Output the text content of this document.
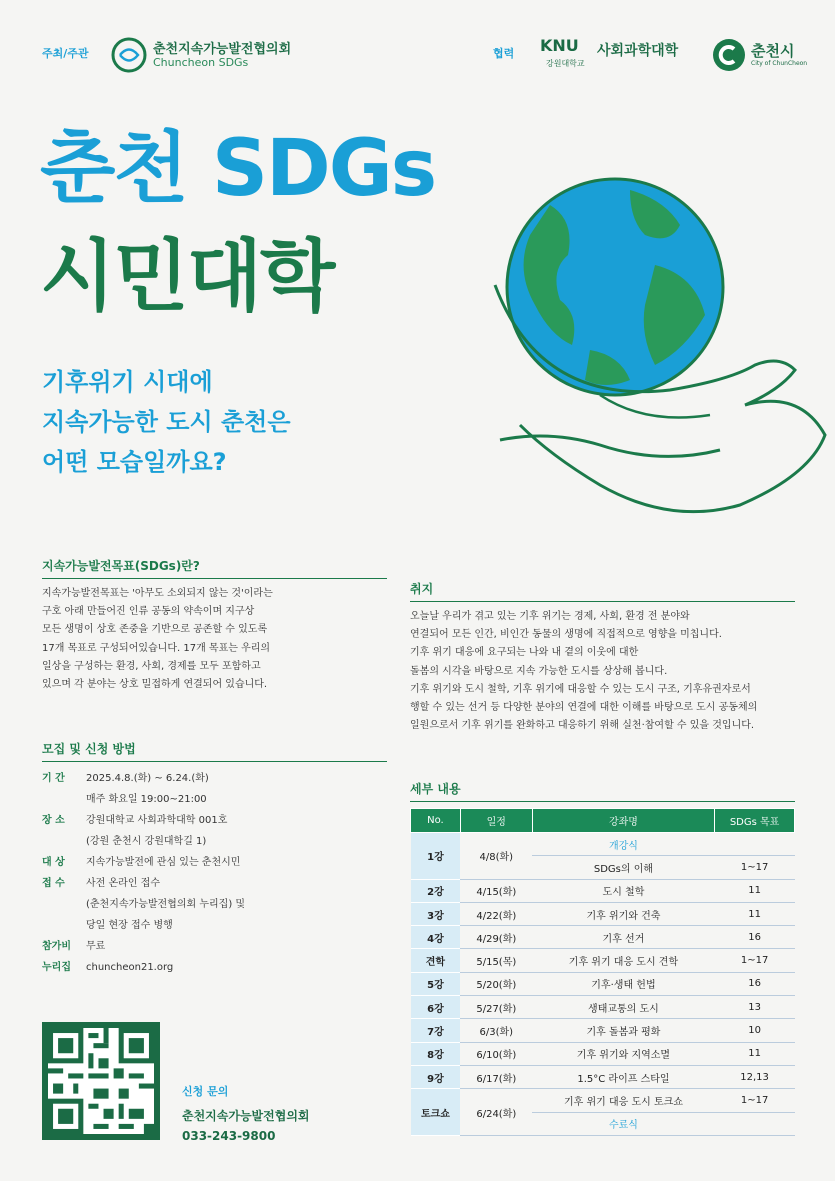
주최/주관	춘천지속가능발전협의회
Chuncheon SDGs
협력 KNU
강원대학교
사회과학대학	춘천시
City of ChunCheon
춘천 SDGs
시민대학
기후위기 시대에
지속가능한 도시 춘천은
어떤 모습일까요?
지속가능발전목표(SDGs)란?
지속가능발전목표는 '아무도 소외되지 않는 것'이라는
구호 아래 만들어진 인류 공동의 약속이며 지구상
모든 생명이 상호 존중을 기반으로 공존할 수 있도록
17개 목표로 구성되어있습니다. 17개 목표는 우리의
일상을 구성하는 환경, 사회, 경제를 모두 포함하고
있으며 각 분야는 상호 밀접하게 연결되어 있습니다.
모집 및 신청 방법
기 간	2025.4.8.(화) ~ 6.24.(화)
매주 화요일 19:00~21:00
장 소	강원대학교 사회과학대학 001호
(강원 춘천시 강원대학길 1)
대 상	지속가능발전에 관심 있는 춘천시민
접 수	사전 온라인 접수
(춘천지속가능발전협의회 누리집) 및
당일 현장 접수 병행
참가비	무료
누리집	chuncheon21.org
신청 문의
춘천지속가능발전협의회
033-243-9800
취지
오늘날 우리가 겪고 있는 기후 위기는 경제, 사회, 환경 전 분야와
연결되어 모든 인간, 비인간 동물의 생명에 직접적으로 영향을 미칩니다.
기후 위기 대응에 요구되는 나와 내 곁의 이웃에 대한
돌봄의 시각을 바탕으로 지속 가능한 도시를 상상해 봅니다.
기후 위기와 도시 철학, 기후 위기에 대응할 수 있는 도시 구조, 기후유권자로서
행할 수 있는 선거 등 다양한 분야의 연결에 대한 이해를 바탕으로 도시 공동체의
일원으로서 기후 위기를 완화하고 대응하기 위해 실천·참여할 수 있을 것입니다.
세부 내용
No.	일정	강좌명	SDGs 목표
1강	4/8(화)	개강식	
		SDGs의 이해	1~17
2강	4/15(화)	도시 철학	11
3강	4/22(화)	기후 위기와 건축	11
4강	4/29(화)	기후 선거	16
견학	5/15(목)	기후 위기 대응 도시 견학	1~17
5강	5/20(화)	기후·생태 헌법	16
6강	5/27(화)	생태교통의 도시	13
7강	6/3(화)	기후 돌봄과 평화	10
8강	6/10(화)	기후 위기와 지역소멸	11
9강	6/17(화)	1.5°C 라이프 스타일	12,13
토크쇼	6/24(화)	기후 위기 대응 도시 토크쇼	1~17
		수료식	
